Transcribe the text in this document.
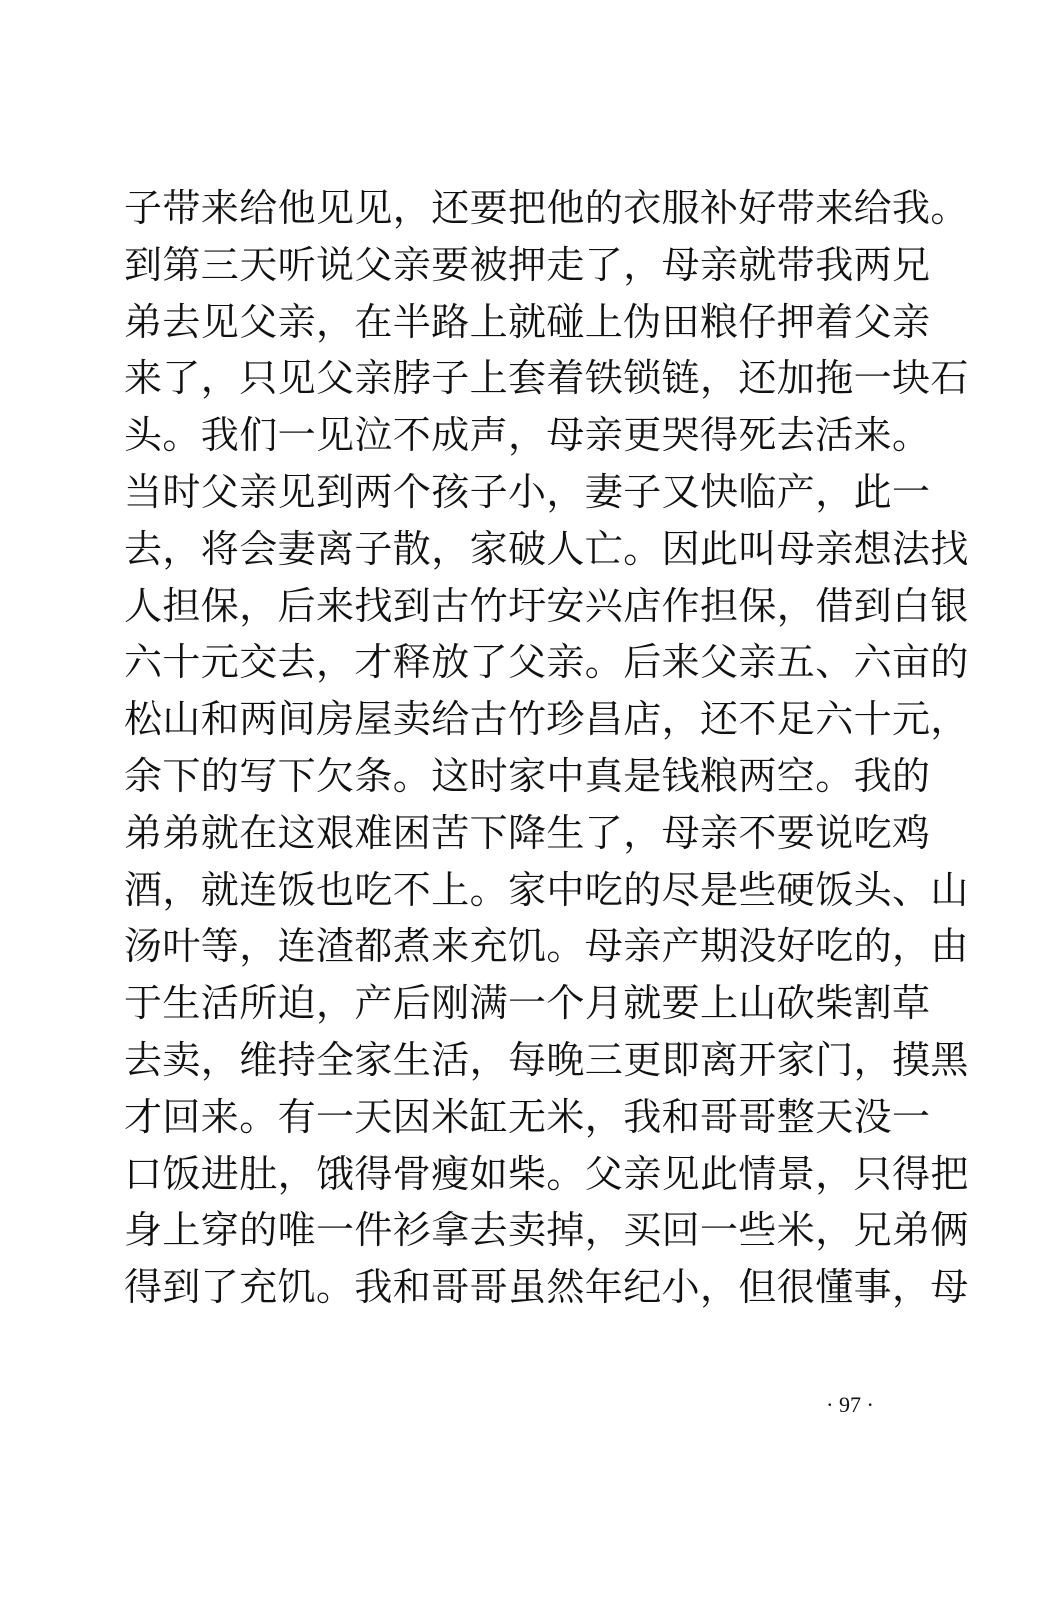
子带来给他见见，还要把他的衣服补好带来给我。
到第三天听说父亲要被押走了，母亲就带我两兄
弟去见父亲，在半路上就碰上伪田粮仔押着父亲
来了，只见父亲脖子上套着铁锁链，还加拖一块石
头。我们一见泣不成声，母亲更哭得死去活来。
当时父亲见到两个孩子小，妻子又快临产，此一
去，将会妻离子散，家破人亡。因此叫母亲想法找
人担保，后来找到古竹圩安兴店作担保，借到白银
六十元交去，才释放了父亲。后来父亲五、六亩的
松山和两间房屋卖给古竹珍昌店，还不足六十元，
余下的写下欠条。这时家中真是钱粮两空。我的
弟弟就在这艰难困苦下降生了，母亲不要说吃鸡
酒，就连饭也吃不上。家中吃的尽是些硬饭头、山
汤叶等，连渣都煮来充饥。母亲产期没好吃的，由
于生活所迫，产后刚满一个月就要上山砍柴割草
去卖，维持全家生活，每晚三更即离开家门，摸黑
才回来。有一天因米缸无米，我和哥哥整天没一
口饭进肚，饿得骨瘦如柴。父亲见此情景，只得把
身上穿的唯一件衫拿去卖掉，买回一些米，兄弟俩
得到了充饥。我和哥哥虽然年纪小，但很懂事，母
· 97 ·
